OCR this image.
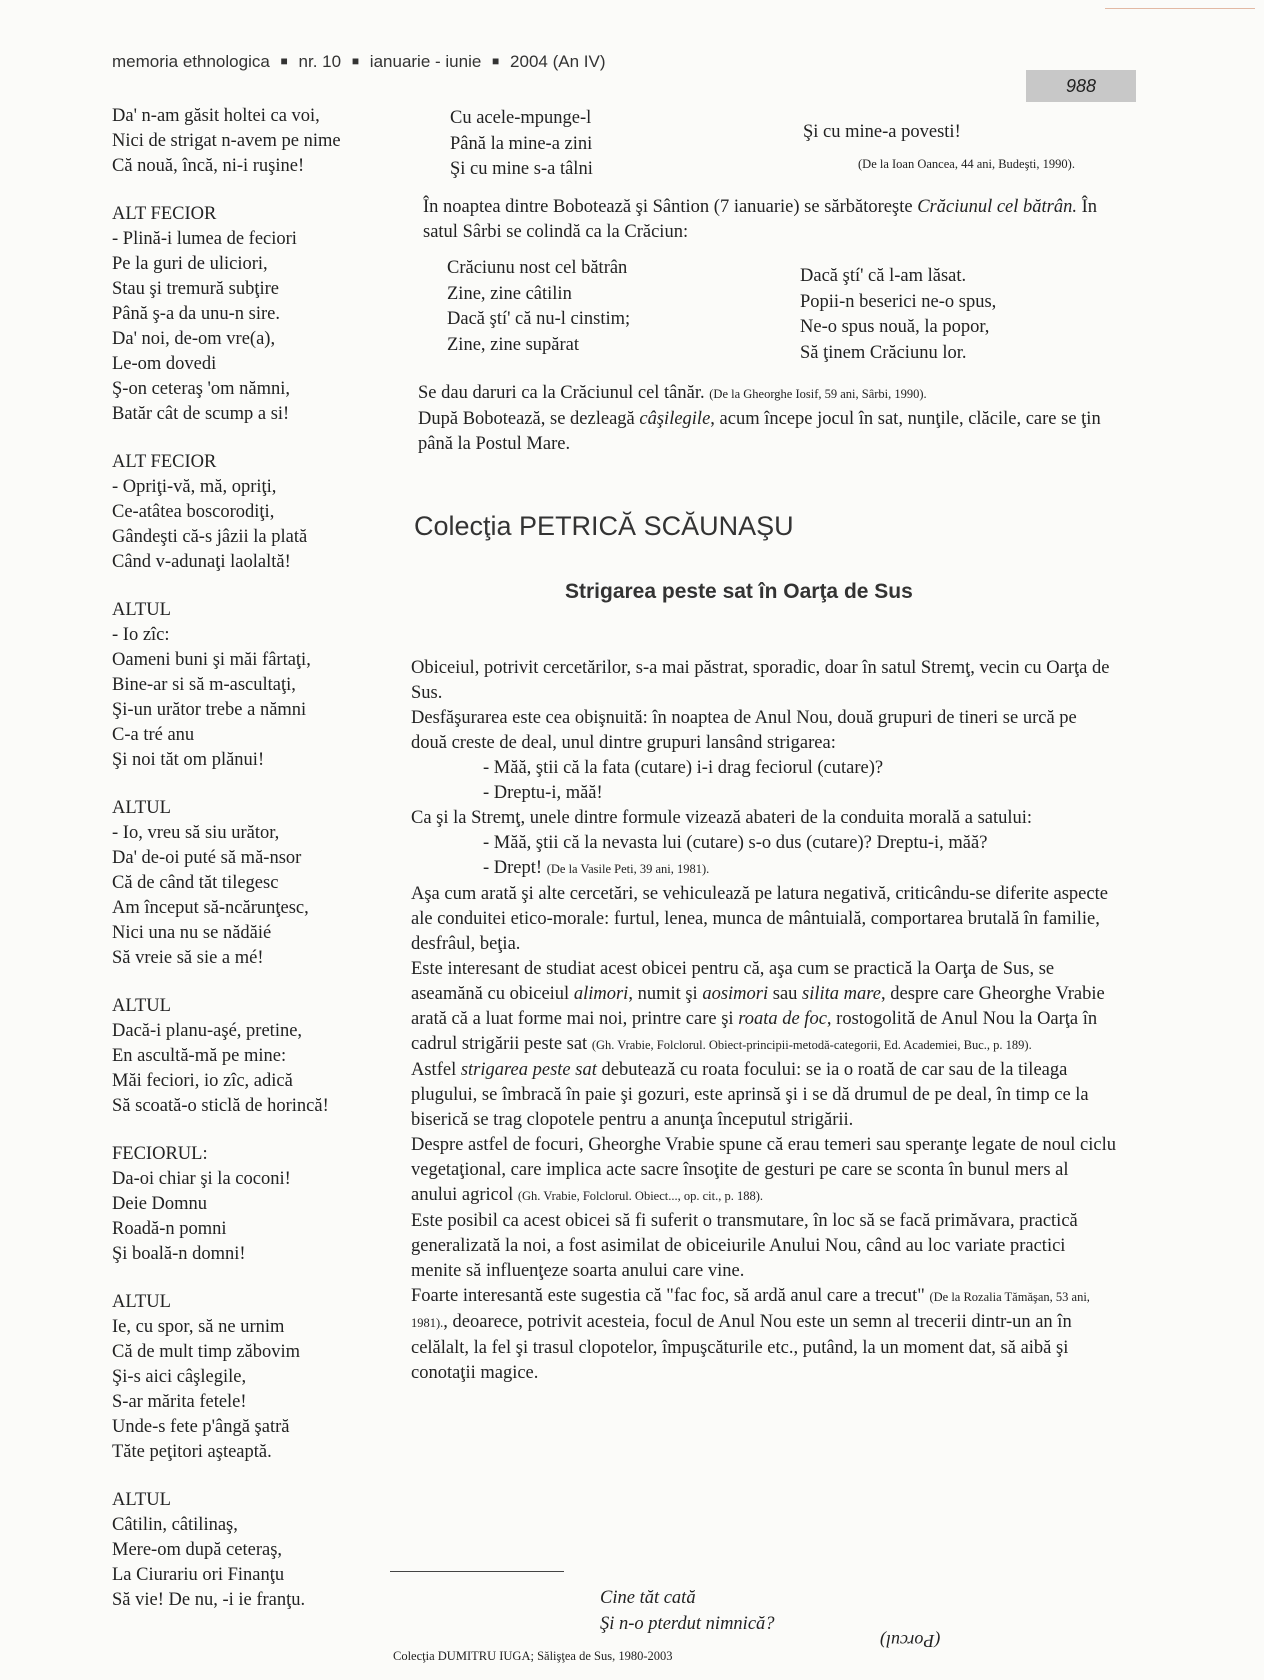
memoria ethnologica ■ nr. 10 ■ ianuarie - iunie ■ 2004 (An IV)
988
Da' n-am găsit holtei ca voi,
Nici de strigat n-avem pe nime
Că nouă, încă, ni-i ruşine!
ALT FECIOR
- Plină-i lumea de feciori
Pe la guri de uliciori,
Stau şi tremură subţire
Până ş-a da unu-n sire.
Da' noi, de-om vre(a),
Le-om dovedi
Ş-on ceteraş 'om nămni,
Batăr cât de scump a si!
ALT FECIOR
- Opriţi-vă, mă, opriţi,
Ce-atâtea boscorodiţi,
Gândeşti că-s jâzii la plată
Când v-adunaţi laolaltă!
ALTUL
- Io zîc:
Oameni buni şi măi fârtaţi,
Bine-ar si să m-ascultaţi,
Şi-un urător trebe a nămni
C-a tré anu
Şi noi tăt om plănui!
ALTUL
- Io, vreu să siu urător,
Da' de-oi puté să mă-nsor
Că de când tăt tilegesc
Am început să-ncărunţesc,
Nici una nu se nădăié
Să vreie să sie a mé!
ALTUL
Dacă-i planu-aşé, pretine,
En ascultă-mă pe mine:
Măi feciori, io zîc, adică
Să scoată-o sticlă de horincă!
FECIORUL:
Da-oi chiar şi la coconi!
Deie Domnu
Roadă-n pomni
Şi boală-n domni!
ALTUL
Ie, cu spor, să ne urnim
Că de mult timp zăbovim
Şi-s aici câşlegile,
S-ar mărita fetele!
Unde-s fete p'ângă şatră
Tăte peţitori aşteaptă.
ALTUL
Câtilin, câtilinaş,
Mere-om după ceteraş,
La Ciurariu ori Finanţu
Să vie! De nu, -i ie franţu.
Cu acele-mpunge-l
Până la mine-a zini
Şi cu mine s-a tâlni
Şi cu mine-a povesti!
(De la Ioan Oancea, 44 ani, Budeşti, 1990).

În noaptea dintre Bobotează şi Sântion (7 ianuarie) se sărbătoreşte Crăciunul cel bătrân. În satul Sârbi se colindă ca la Crăciun:

Crăciunu nost cel bătrân
Zine, zine câtilin
Dacă ştí' că nu-l cinstim;
Zine, zine supărat
Dacă ştí' că l-am lăsat.
Popii-n beserici ne-o spus,
Ne-o spus nouă, la popor,
Să ţinem Crăciunu lor.

Se dau daruri ca la Crăciunul cel tânăr. (De la Gheorghe Iosif, 59 ani, Sârbi, 1990).

După Bobotează, se dezleagă câşilegile, acum începe jocul în sat, nunţile, clăcile, care se ţin până la Postul Mare.

Colecţia PETRICĂ SCĂUNAŞU
Strigarea peste sat în Oarţa de Sus

Obiceiul, potrivit cercetărilor, s-a mai păstrat, sporadic, doar în satul Stremţ, vecin cu Oarţa de Sus.

Desfăşurarea este cea obişnuită: în noaptea de Anul Nou, două grupuri de tineri se urcă pe două creste de deal, unul dintre grupuri lansând strigarea:

- Măă, ştii că la fata (cutare) i-i drag feciorul (cutare)?

- Dreptu-i, măă!

Ca şi la Stremţ, unele dintre formule vizează abateri de la conduita morală a satului:

- Măă, ştii că la nevasta lui (cutare) s-o dus (cutare)? Dreptu-i, măă?

- Drept! (De la Vasile Peti, 39 ani, 1981).

Aşa cum arată şi alte cercetări, se vehiculează pe latura negativă, criticându-se diferite aspecte ale conduitei etico-morale: furtul, lenea, munca de mântuială, comportarea brutală în familie, desfrâul, beţia.

Este interesant de studiat acest obicei pentru că, aşa cum se practică la Oarţa de Sus, se aseamănă cu obiceiul alimori, numit şi aosimori sau silita mare, despre care Gheorghe Vrabie arată că a luat forme mai noi, printre care şi roata de foc, rostogolită de Anul Nou la Oarţa în cadrul strigării peste sat (Gh. Vrabie, Folclorul. Obiect-principii-metodă-categorii, Ed. Academiei, Buc., p. 189).

Astfel strigarea peste sat debutează cu roata focului: se ia o roată de car sau de la tileaga plugului, se îmbracă în paie şi gozuri, este aprinsă şi i se dă drumul de pe deal, în timp ce la biserică se trag clopotele pentru a anunţa începutul strigării.

Despre astfel de focuri, Gheorghe Vrabie spune că erau temeri sau speranţe legate de noul ciclu vegetaţional, care implica acte sacre însoţite de gesturi pe care se sconta în bunul mers al anului agricol (Gh. Vrabie, Folclorul. Obiect..., op. cit., p. 188).

Este posibil ca acest obicei să fi suferit o transmutare, în loc să se facă primăvara, practică generalizată la noi, a fost asimilat de obiceiurile Anului Nou, când au loc variate practici menite să influenţeze soarta anului care vine.

Foarte interesantă este sugestia că "fac foc, să ardă anul care a trecut" (De la Rozalia Tămăşan, 53 ani, 1981)., deoarece, potrivit acesteia, focul de Anul Nou este un semn al trecerii dintr-un an în celălalt, la fel şi trasul clopotelor, împuşcăturile etc., putând, la un moment dat, să aibă şi conotaţii magice.

Cine tăt cată
Şi n-o pterdut nimnică?
(Porcul)
Colecţia DUMITRU IUGA; Sălişţea de Sus, 1980-2003
